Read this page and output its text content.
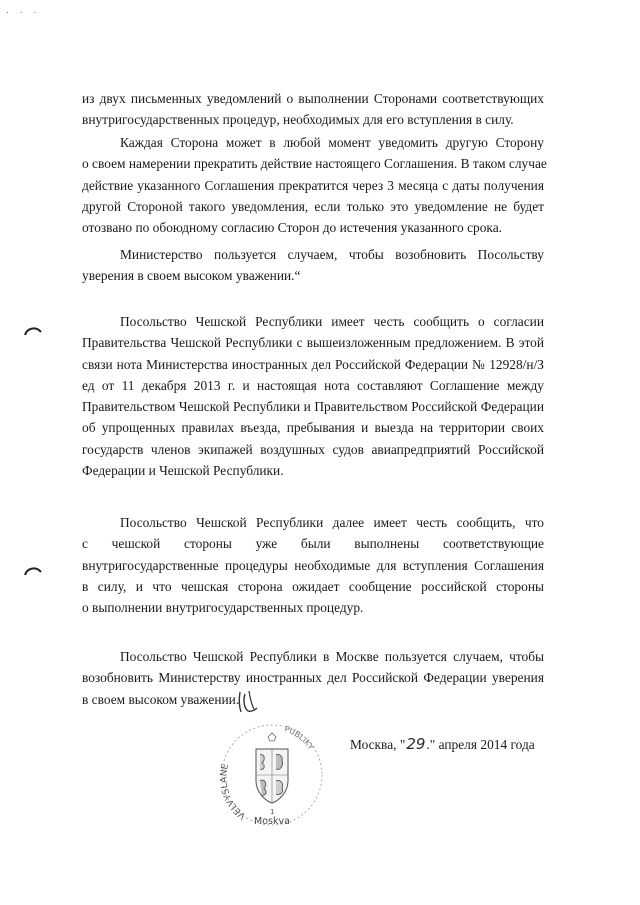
. . .
из двух письменных уведомлений о выполнении Сторонами соответствующих
внутригосударственных процедур, необходимых для его вступления в силу.
Каждая Сторона может в любой момент уведомить другую Сторону
о своем намерении прекратить действие настоящего Соглашения. В таком случае
действие указанного Соглашения прекратится через 3 месяца с даты получения
другой Стороной такого уведомления, если только это уведомление не будет
отозвано по обоюдному согласию Сторон до истечения указанного срока.
Министерство пользуется случаем, чтобы возобновить Посольству
уверения в своем высоком уважении.“
Посольство Чешской Республики имеет честь сообщить о согласии
Правительства Чешской Республики с вышеизложенным предложением. В этой
связи нота Министерства иностранных дел Российской Федерации № 12928/н/З
ед от 11 декабря 2013 г. и настоящая нота составляют Соглашение между
Правительством Чешской Республики и Правительством Российской Федерации
об упрощенных правилах въезда, пребывания и выезда на территории своих
государств членов экипажей воздушных судов авиапредприятий Российской
Федерации и Чешской Республики.
Посольство Чешской Республики далее имеет честь сообщить, что
с чешской стороны уже были выполнены соответствующие
внутригосударственные процедуры необходимые для вступления Соглашения
в силу, и что чешская сторона ожидает сообщение российской стороны
о выполнении внутригосударственных процедур.
Посольство Чешской Республики в Москве пользуется случаем, чтобы
возобновить Министерству иностранных дел Российской Федерации уверения
в своем высоком уважении.
VELVYSLANE
PUBLIKY
1
Moskva
Москва, "29." апреля 2014 года
